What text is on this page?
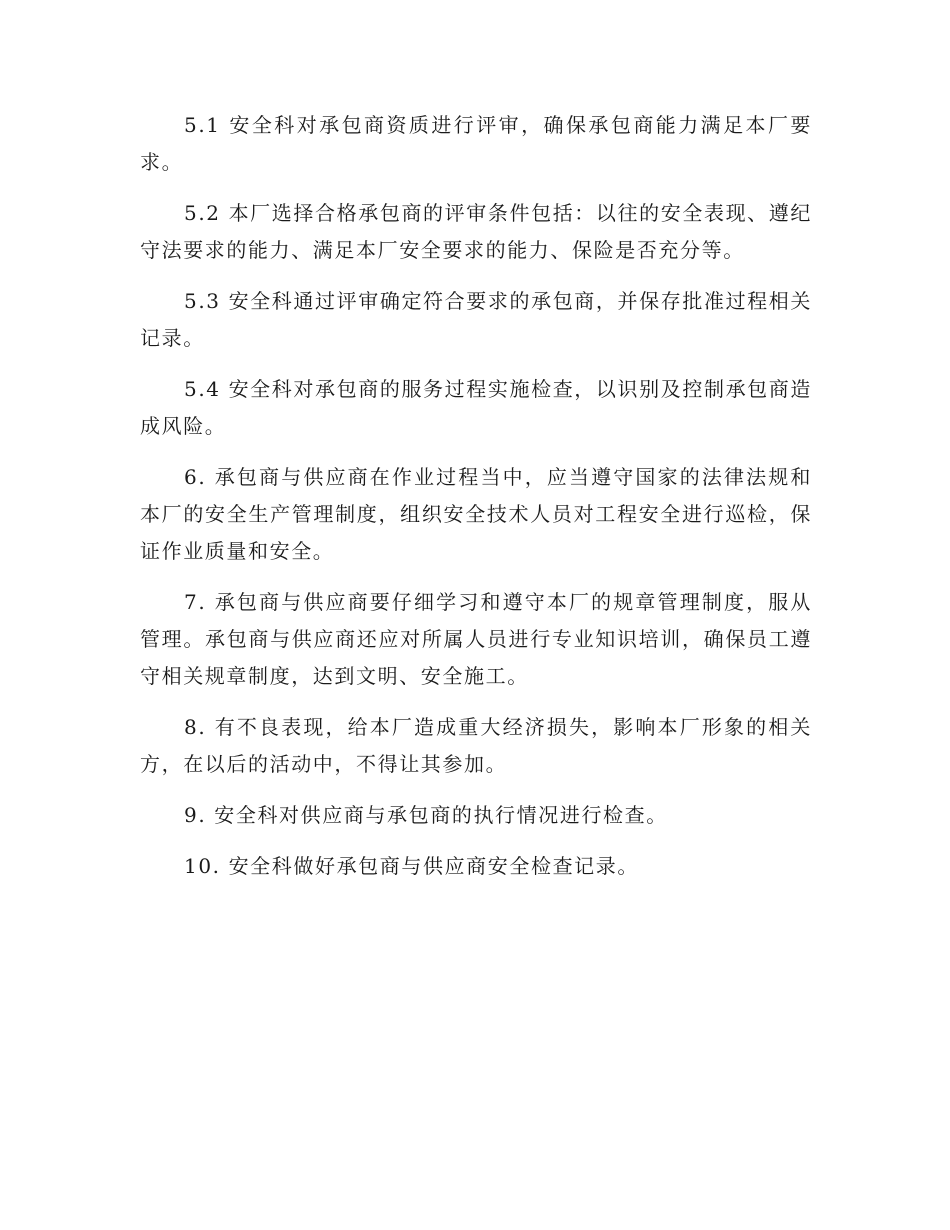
5.1 安全科对承包商资质进行评审，确保承包商能力满足本厂要求。

5.2 本厂选择合格承包商的评审条件包括：以往的安全表现、遵纪守法要求的能力、满足本厂安全要求的能力、保险是否充分等。

5.3 安全科通过评审确定符合要求的承包商，并保存批准过程相关记录。

5.4 安全科对承包商的服务过程实施检查，以识别及控制承包商造成风险。

6. 承包商与供应商在作业过程当中，应当遵守国家的法律法规和本厂的安全生产管理制度，组织安全技术人员对工程安全进行巡检，保证作业质量和安全。

7. 承包商与供应商要仔细学习和遵守本厂的规章管理制度，服从管理。承包商与供应商还应对所属人员进行专业知识培训，确保员工遵守相关规章制度，达到文明、安全施工。

8. 有不良表现，给本厂造成重大经济损失，影响本厂形象的相关方，在以后的活动中，不得让其参加。

9. 安全科对供应商与承包商的执行情况进行检查。

10. 安全科做好承包商与供应商安全检查记录。
